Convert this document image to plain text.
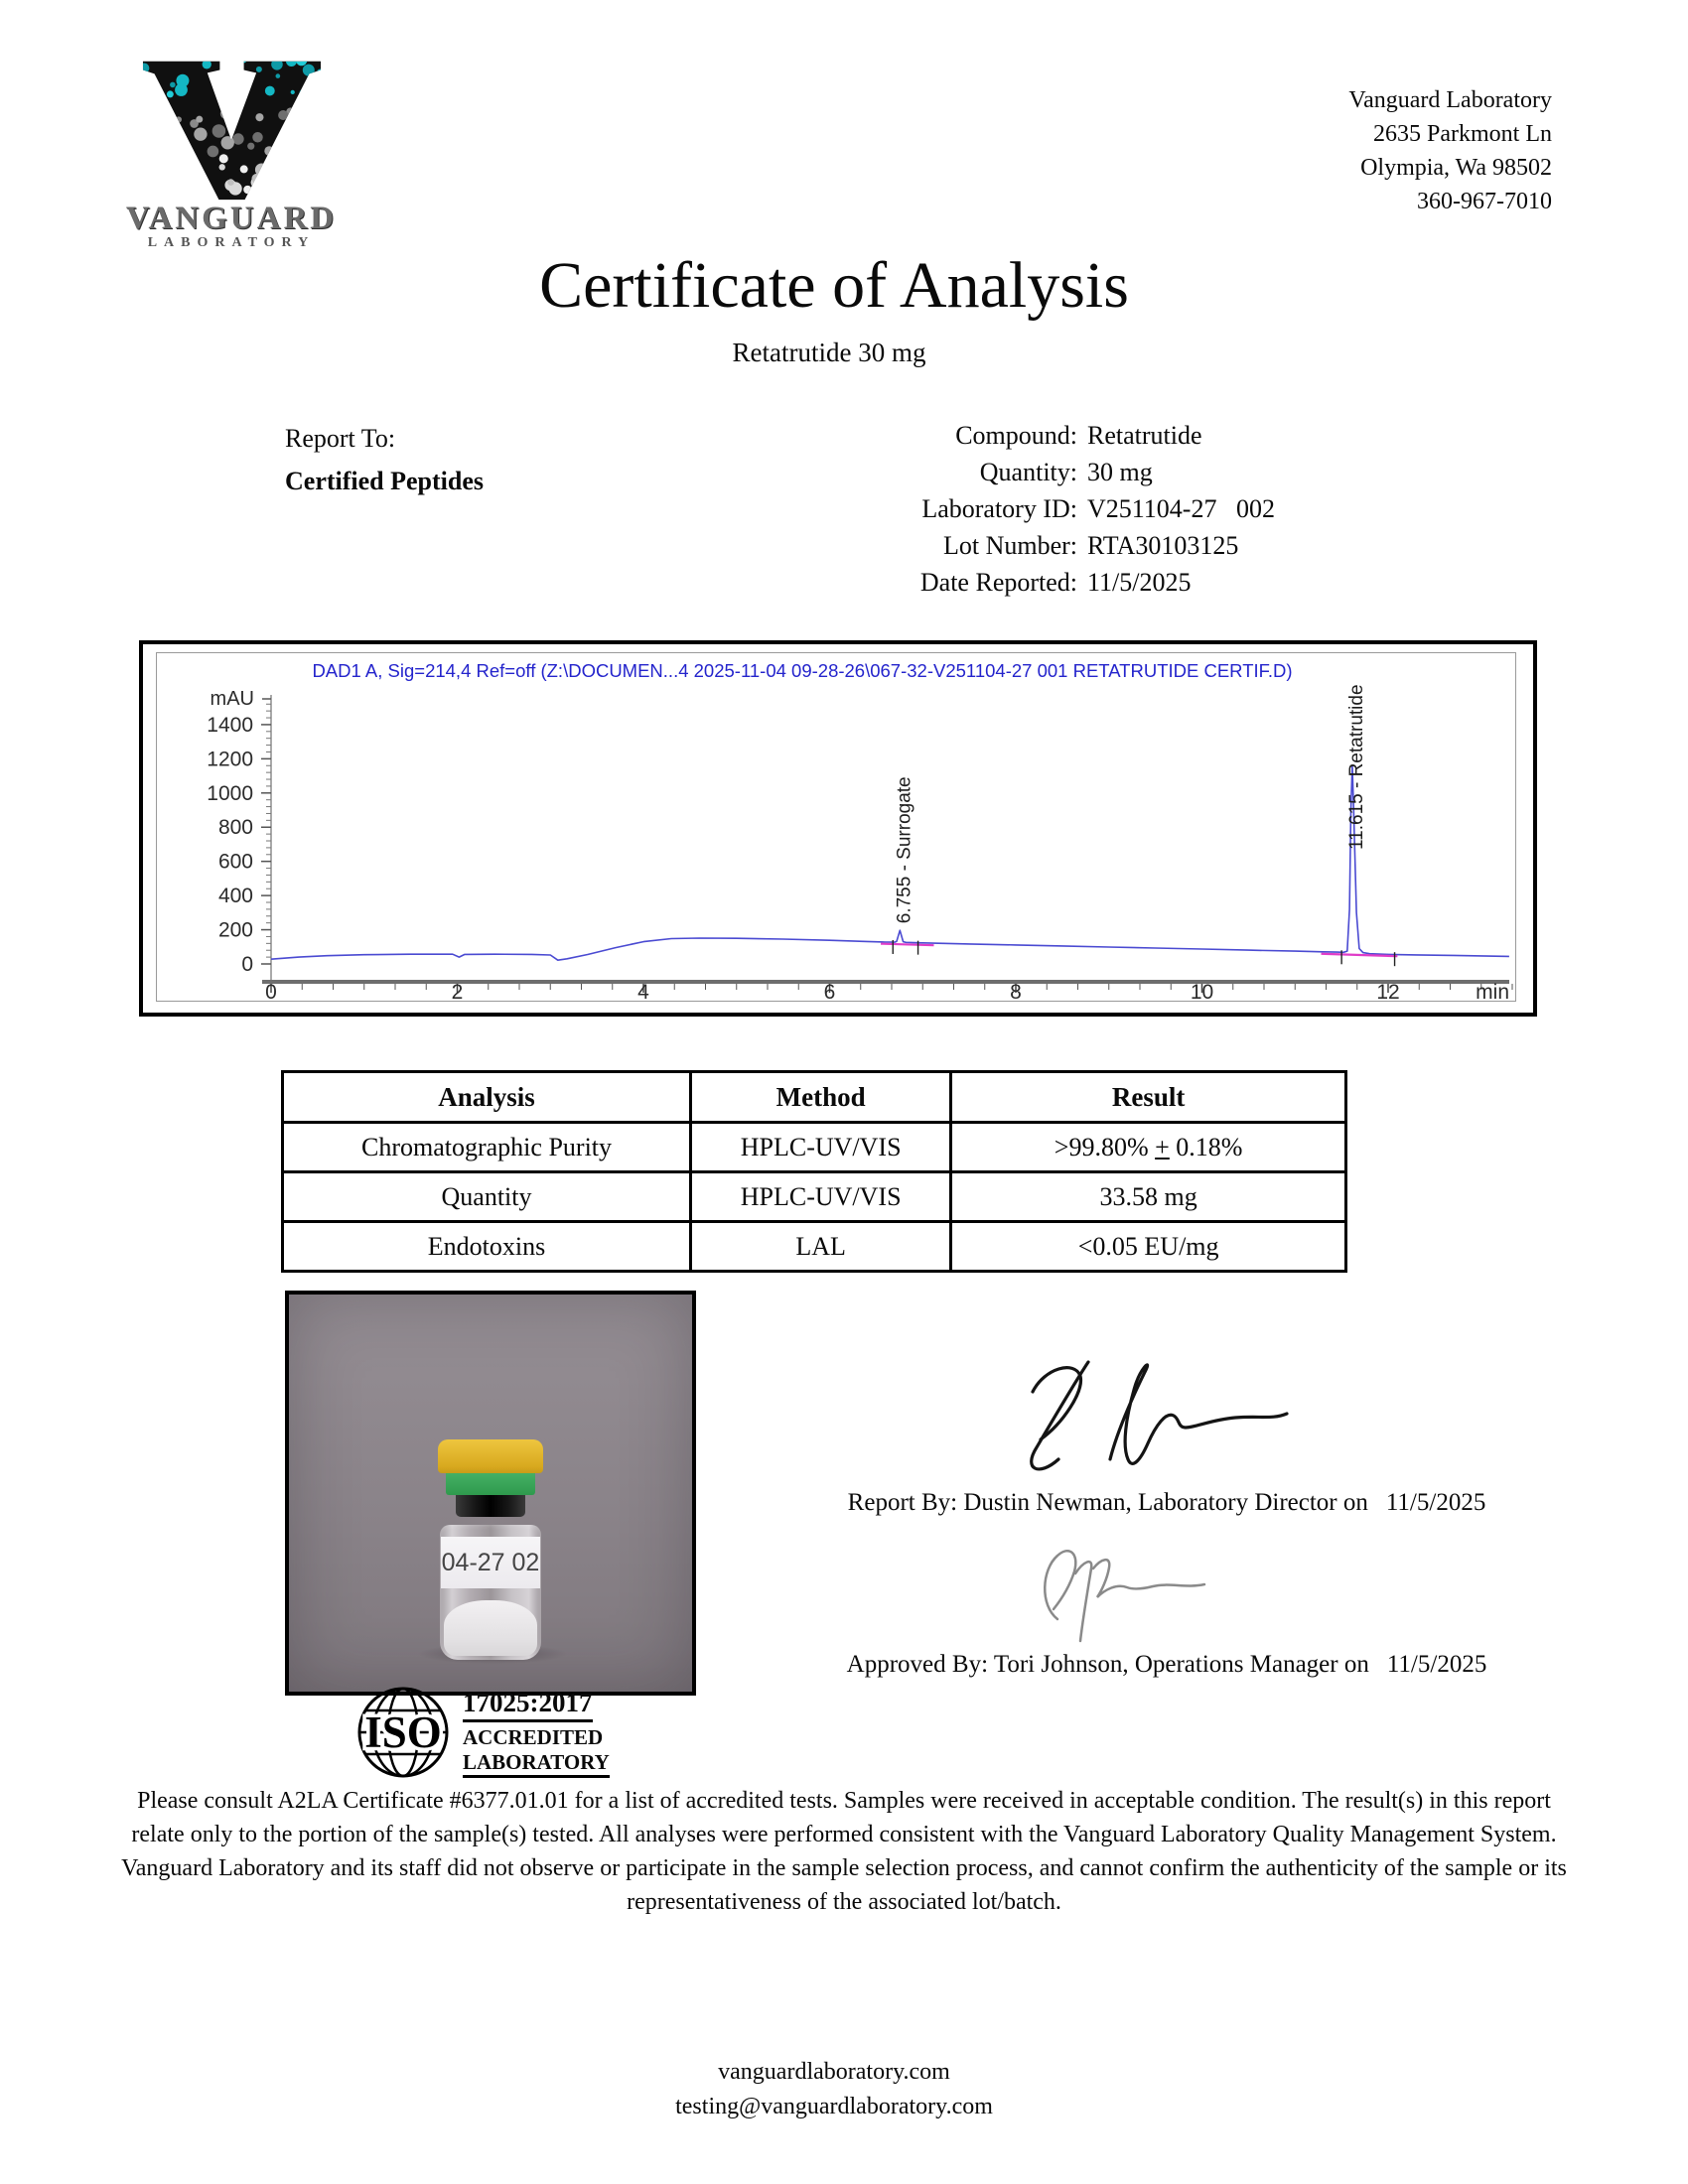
VANGUARD
LABORATORY
Vanguard Laboratory
2635 Parkmont Ln
Olympia, Wa 98502
360-967-7010
Certificate of Analysis
Retatrutide 30 mg
Report To:
Certified Peptides
Compound: Retatrutide
Quantity: 30 mg
Laboratory ID: V251104-27   002
Lot Number: RTA30103125
Date Reported: 11/5/2025
DAD1 A, Sig=214,4 Ref=off (Z:\DOCUMEN...4 2025-11-04 09-28-26\067-32-V251104-27 001 RETATRUTIDE CERTIF.D)
mAU
0
200
400
600
800
1000
1200
1400
0	2	4	6	8	10	12	min
6.755 - Surrogate
11.615 - Retatrutide
Analysis	Method	Result
Chromatographic Purity	HPLC-UV/VIS	>99.80% + 0.18%
Quantity	HPLC-UV/VIS	33.58 mg
Endotoxins	LAL	<0.05 EU/mg
04-27 02
Report By: Dustin Newman, Laboratory Director on 11/5/2025
Approved By: Tori Johnson, Operations Manager on 11/5/2025
ISO
17025:2017
ACCREDITED
LABORATORY
Please consult A2LA Certificate #6377.01.01 for a list of accredited tests. Samples were received in acceptable condition. The result(s) in this report relate only to the portion of the sample(s) tested. All analyses were performed consistent with the Vanguard Laboratory Quality Management System. Vanguard Laboratory and its staff did not observe or participate in the sample selection process, and cannot confirm the authenticity of the sample or its representativeness of the associated lot/batch.
vanguardlaboratory.com
testing@vanguardlaboratory.com
